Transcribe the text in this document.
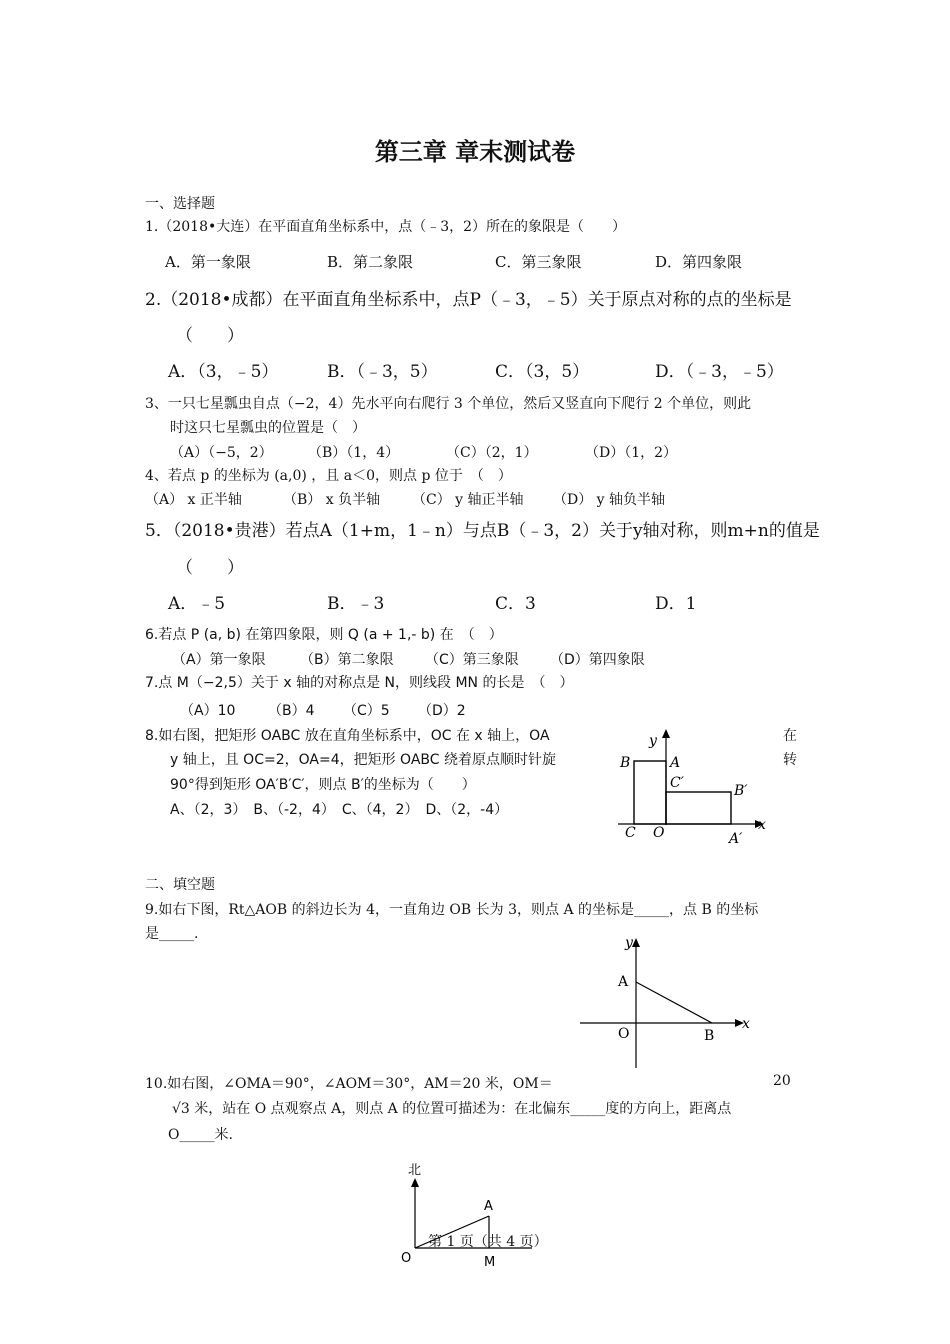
第三章 章末测试卷
一、选择题
1.（2018•大连）在平面直角坐标系中，点（﹣3，2）所在的象限是（　　）
A．第一象限	B．第二象限	C．第三象限	D．第四象限
2.（2018•成都）在平面直角坐标系中，点P（﹣3，﹣5）关于原点对称的点的坐标是
（　　）
A．（3，﹣5）	B．（﹣3，5）	C．（3，5）	D．（﹣3，﹣5）
3、一只七星瓢虫自点（−2，4）先水平向右爬行 3 个单位，然后又竖直向下爬行 2 个单位，则此
时这只七星瓢虫的位置是（　）
（A）（−5，2）	（B）（1，4）	（C）（2，1）	（D）（1，2）
4、若点 p 的坐标为 (a,0) ，且 a＜0，则点 p 位于　（　）
（A） x 正半轴	（B） x 负半轴 （C） y 轴正半轴 （D） y 轴负半轴
5．（2018•贵港）若点A（1+m，1﹣n）与点B（﹣3，2）关于y轴对称，则m+n的值是
（　　）
A．﹣5	B．﹣3	C．3	D．1
6.若点 P (a, b) 在第四象限，则 Q (a + 1,- b) 在　（　）
（A）第一象限 （B）第二象限 （C）第三象限 （D）第四象限
7.点 M（−2,5）关于 x 轴的对称点是 N，则线段 MN 的长是　（　）
（A）10 （B）4 （C）5 （D）2
8.如右图，把矩形 OABC 放在直角坐标系中，OC 在 x 轴上，OA	在
y 轴上，且 OC=2，OA=4，把矩形 OABC 绕着原点顺时针旋	转
90°得到矩形 OA′B′C′，则点 B′的坐标为（　　）
A、（2，3）　B、（-2，4）　C、（4，2）　D、（2，-4）
y
A
B
C′	B′
C O	x
A′
二、填空题
9.如右下图，Rt△AOB 的斜边长为 4，一直角边 OB 长为 3，则点 A 的坐标是_____，点 B 的坐标
是_____.
y
A
O	B
x
10.如右图，∠OMA＝90°，∠AOM＝30°，AM＝20 米，OM＝	20
√3 米，站在 O 点观察点 A，则点 A 的位置可描述为：在北偏东_____度的方向上，距离点
O_____米.
北
A
O	M
第 1 页（共 4 页）
